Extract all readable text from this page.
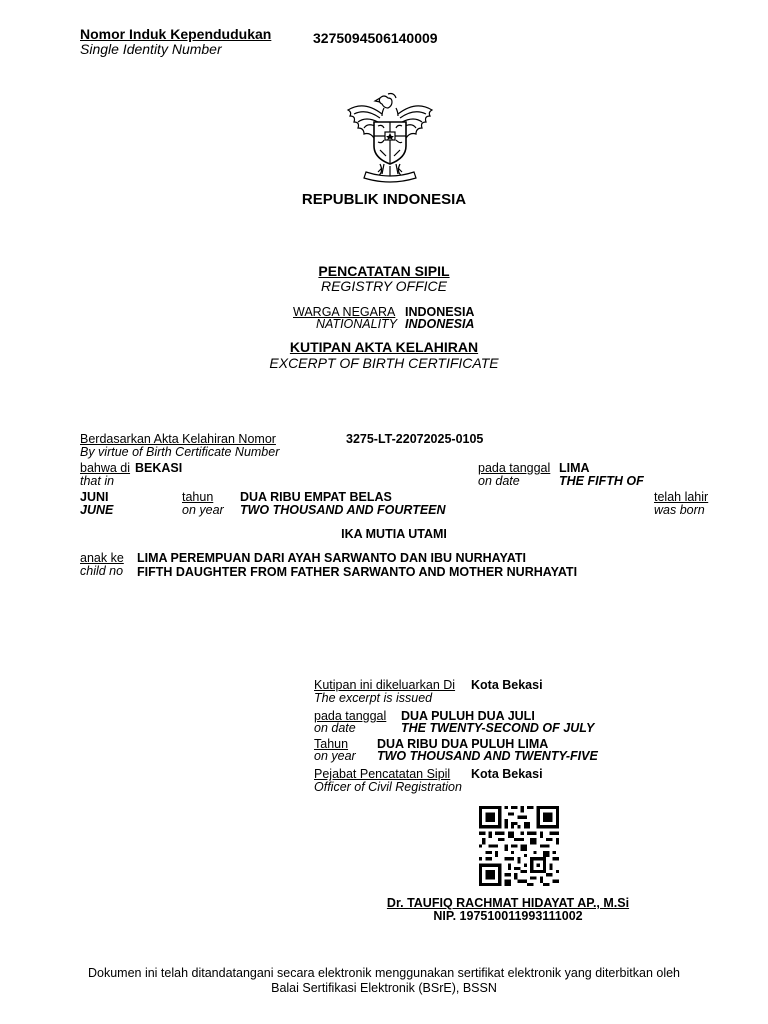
Nomor Induk Kependudukan
Single Identity Number
3275094506140009
REPUBLIK INDONESIA
PENCATATAN SIPIL
REGISTRY OFFICE
WARGA NEGARA
NATIONALITY
INDONESIA
INDONESIA
KUTIPAN AKTA KELAHIRAN
EXCERPT OF BIRTH CERTIFICATE
Berdasarkan Akta Kelahiran Nomor
By virtue of Birth Certificate Number
3275-LT-22072025-0105
bahwa di
that in
BEKASI	pada tanggal
on date
LIMA
THE FIFTH OF
JUNI
JUNE
tahun
on year
DUA RIBU EMPAT BELAS
TWO THOUSAND AND FOURTEEN
telah lahir
was born
IKA MUTIA UTAMI
anak ke
child no
LIMA PEREMPUAN DARI AYAH SARWANTO DAN IBU NURHAYATI
FIFTH DAUGHTER FROM FATHER SARWANTO AND MOTHER NURHAYATI
Kutipan ini dikeluarkan Di
The excerpt is issued
Kota Bekasi
pada tanggal
on date
DUA PULUH DUA JULI
THE TWENTY-SECOND OF JULY
Tahun
on year
DUA RIBU DUA PULUH LIMA
TWO THOUSAND AND TWENTY-FIVE
Pejabat Pencatatan Sipil
Officer of Civil Registration
Kota Bekasi
Dr. TAUFIQ RACHMAT HIDAYAT AP., M.Si
NIP. 197510011993111002
Dokumen ini telah ditandatangani secara elektronik menggunakan sertifikat elektronik yang diterbitkan oleh
Balai Sertifikasi Elektronik (BSrE), BSSN
